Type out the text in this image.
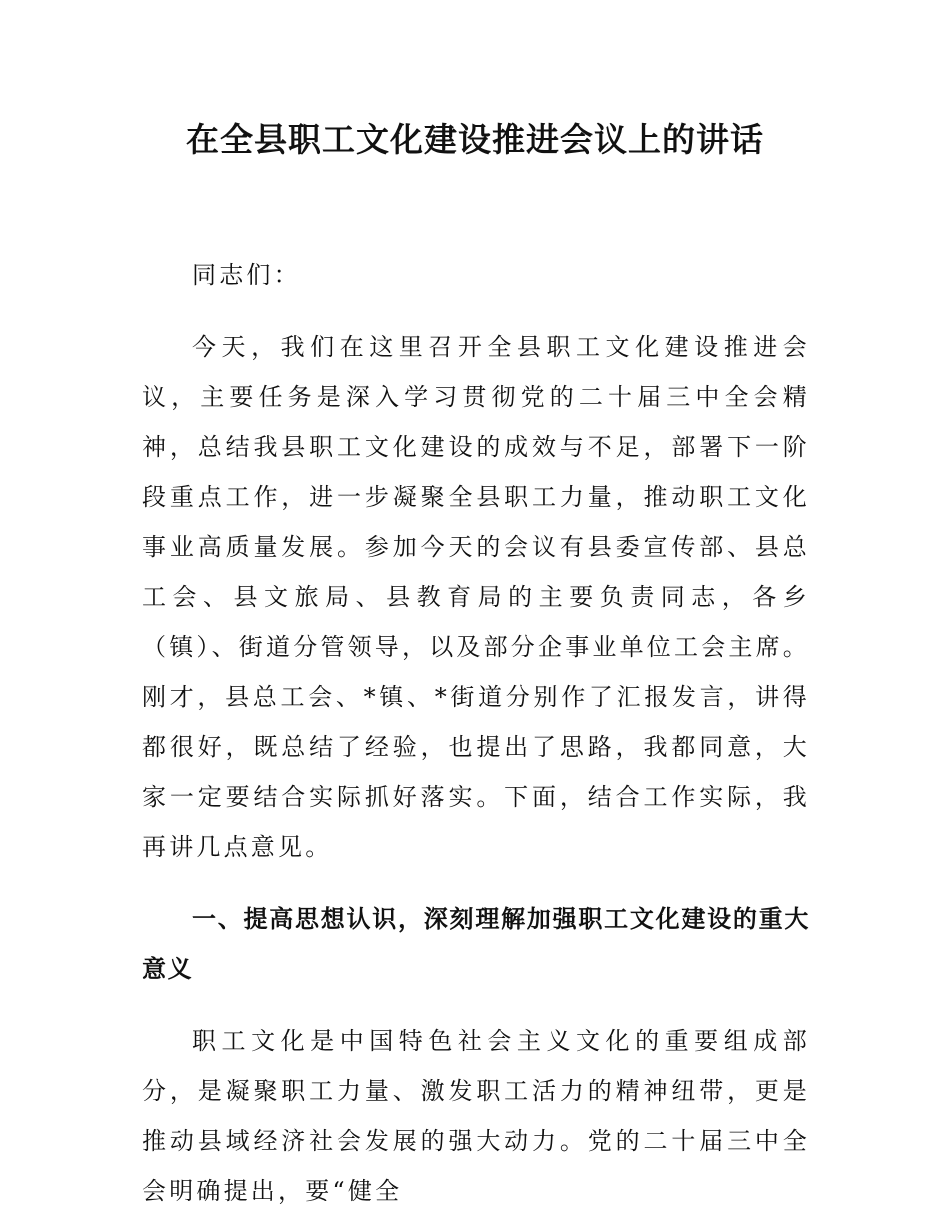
在全县职工文化建设推进会议上的讲话

同志们：

今天，我们在这里召开全县职工文化建设推进会议，主要任务是深入学习贯彻党的二十届三中全会精神，总结我县职工文化建设的成效与不足，部署下一阶段重点工作，进一步凝聚全县职工力量，推动职工文化事业高质量发展。参加今天的会议有县委宣传部、县总工会、县文旅局、县教育局的主要负责同志，各乡（镇）、街道分管领导，以及部分企事业单位工会主席。刚才，县总工会、*镇、*街道分别作了汇报发言，讲得都很好，既总结了经验，也提出了思路，我都同意，大家一定要结合实际抓好落实。下面，结合工作实际，我再讲几点意见。

一、提高思想认识，深刻理解加强职工文化建设的重大意义

职工文化是中国特色社会主义文化的重要组成部分，是凝聚职工力量、激发职工活力的精神纽带，更是推动县域经济社会发展的强大动力。党的二十届三中全会明确提出，要“健全
